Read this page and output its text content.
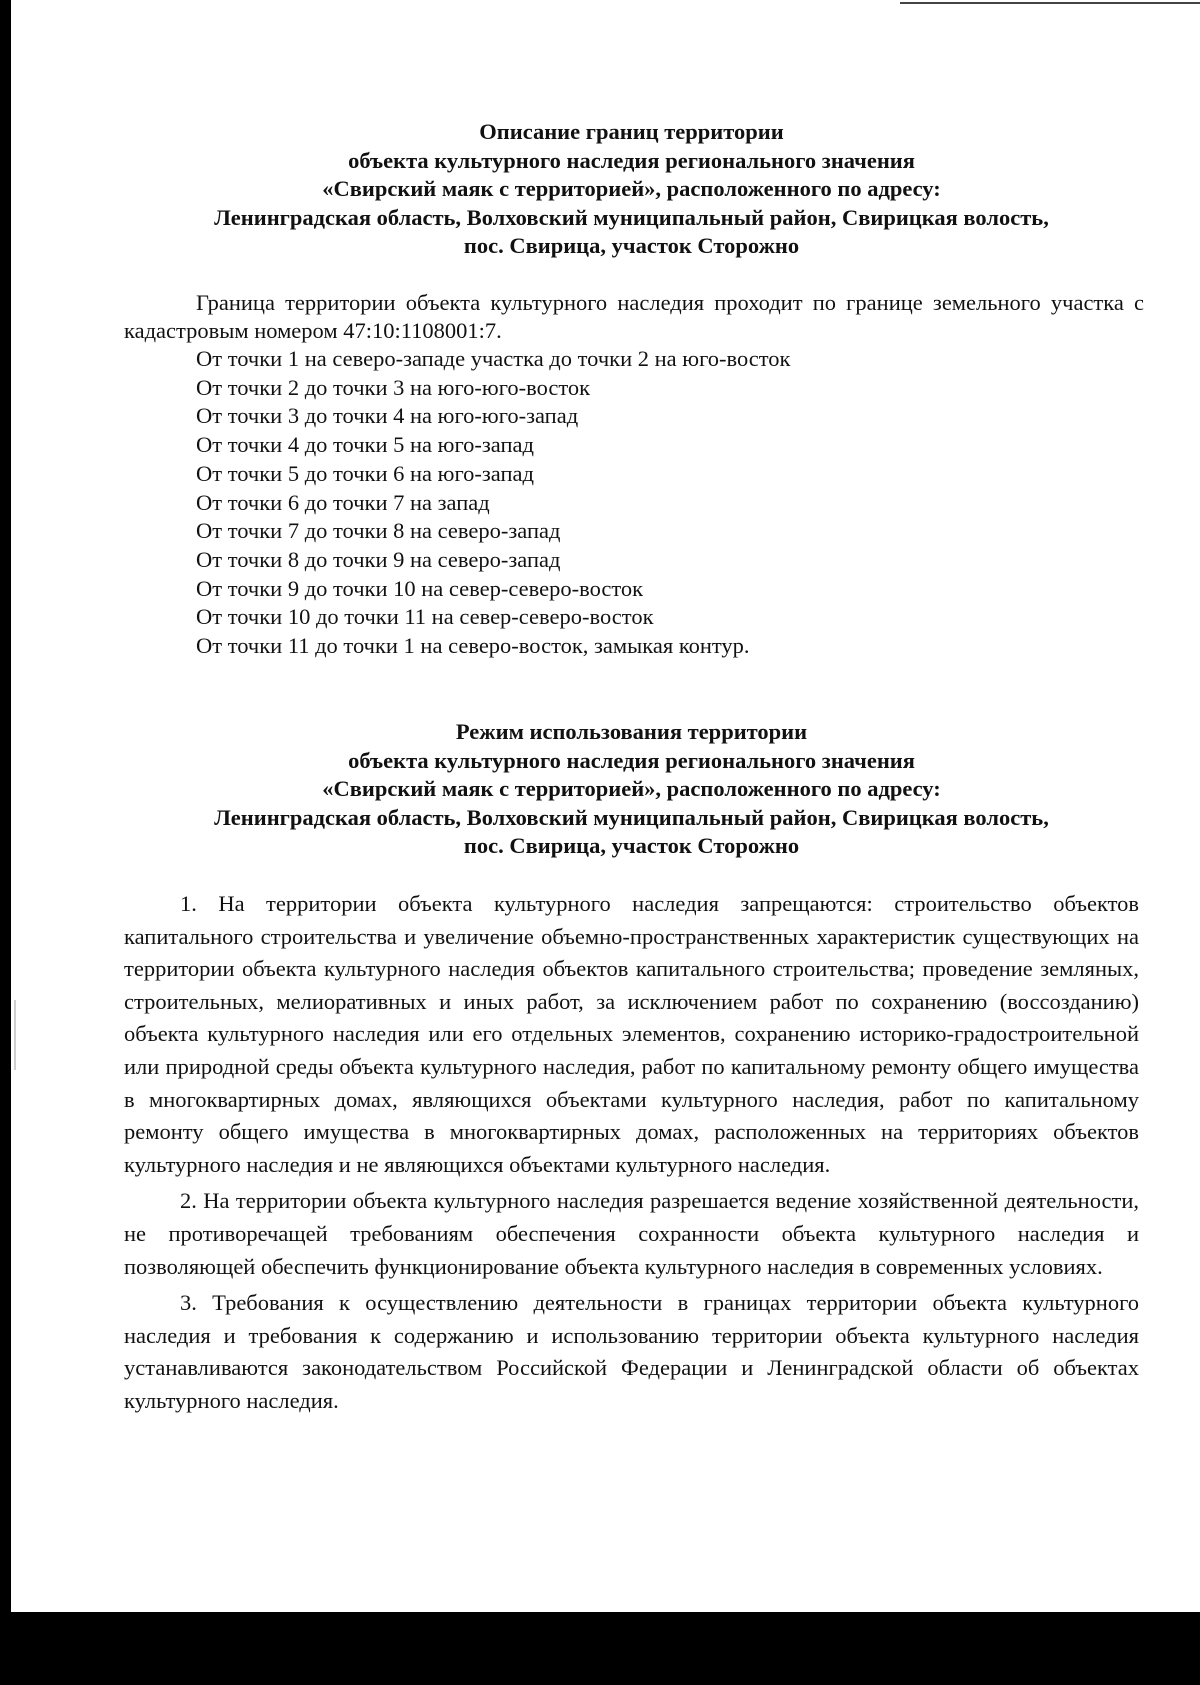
Описание границ территории
объекта культурного наследия регионального значения
«Свирский маяк с территорией», расположенного по адресу:
Ленинградская область, Волховский муниципальный район, Свирицкая волость,
пос. Свирица, участок Сторожно

Граница территории объекта культурного наследия проходит по границе земельного участка с кадастровым номером 47:10:1108001:7.

От точки 1 на северо-западе участка до точки 2 на юго-восток
От точки 2 до точки 3 на юго-юго-восток
От точки 3 до точки 4 на юго-юго-запад
От точки 4 до точки 5 на юго-запад
От точки 5 до точки 6 на юго-запад
От точки 6 до точки 7 на запад
От точки 7 до точки 8 на северо-запад
От точки 8 до точки 9 на северо-запад
От точки 9 до точки 10 на север-северо-восток
От точки 10 до точки 11 на север-северо-восток
От точки 11 до точки 1 на северо-восток, замыкая контур.
Режим использования территории
объекта культурного наследия регионального значения
«Свирский маяк с территорией», расположенного по адресу:
Ленинградская область, Волховский муниципальный район, Свирицкая волость,
пос. Свирица, участок Сторожно

1. На территории объекта культурного наследия запрещаются: строительство объектов капитального строительства и увеличение объемно-пространственных характеристик существующих на территории объекта культурного наследия объектов капитального строительства; проведение земляных, строительных, мелиоративных и иных работ, за исключением работ по сохранению (воссозданию) объекта культурного наследия или его отдельных элементов, сохранению историко-градостроительной или природной среды объекта культурного наследия, работ по капитальному ремонту общего имущества в многоквартирных домах, являющихся объектами культурного наследия, работ по капитальному ремонту общего имущества в многоквартирных домах, расположенных на территориях объектов культурного наследия и не являющихся объектами культурного наследия.

2. На территории объекта культурного наследия разрешается ведение хозяйственной деятельности, не противоречащей требованиям обеспечения сохранности объекта культурного наследия и позволяющей обеспечить функционирование объекта культурного наследия в современных условиях.

3. Требования к осуществлению деятельности в границах территории объекта культурного наследия и требования к содержанию и использованию территории объекта культурного наследия устанавливаются законодательством Российской Федерации и Ленинградской области об объектах культурного наследия.
